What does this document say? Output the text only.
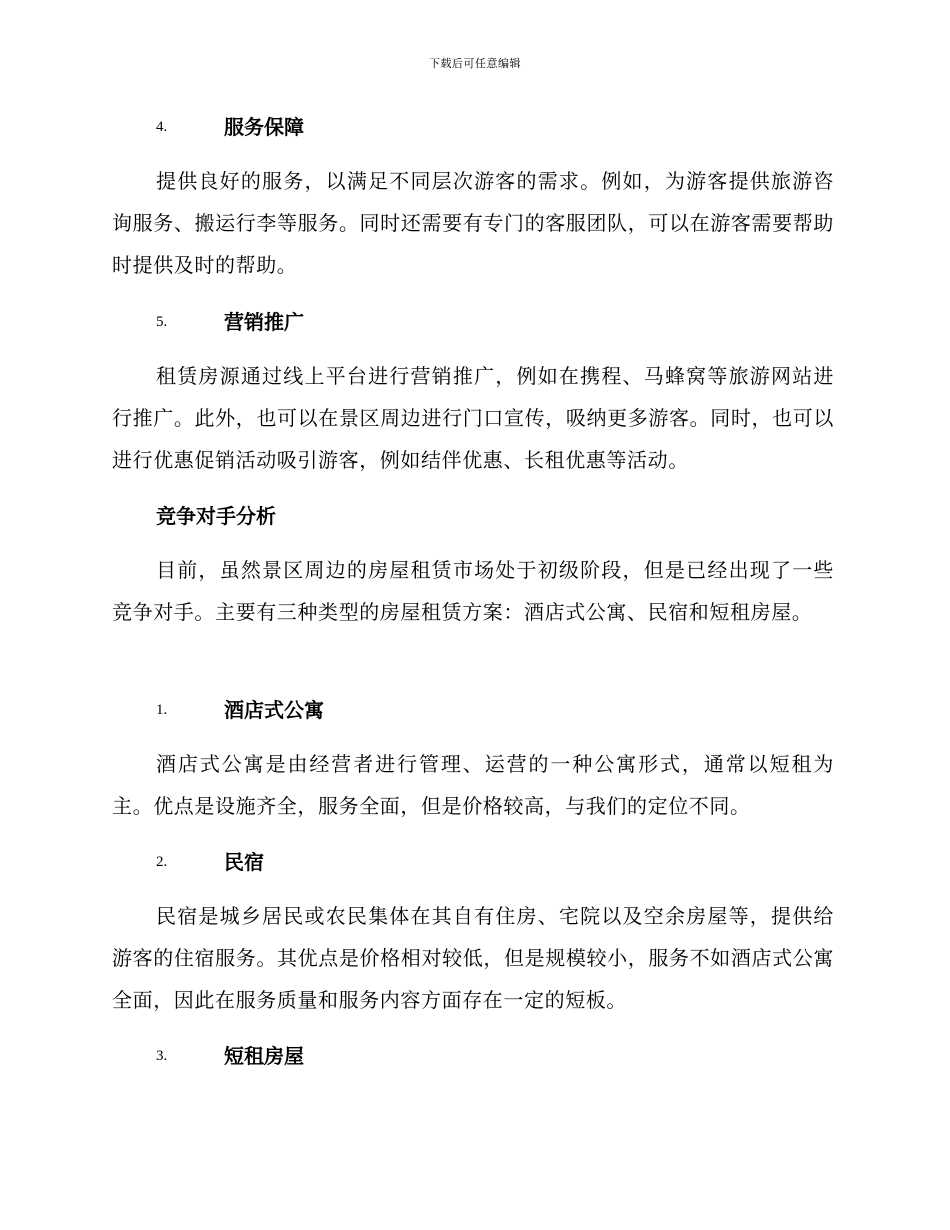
下载后可任意编辑
4.	服务保障
提供良好的服务，以满足不同层次游客的需求。例如，为游客提供旅游咨询服务、搬运行李等服务。同时还需要有专门的客服团队，可以在游客需要帮助时提供及时的帮助。
5.	营销推广
租赁房源通过线上平台进行营销推广，例如在携程、马蜂窝等旅游网站进行推广。此外，也可以在景区周边进行门口宣传，吸纳更多游客。同时，也可以进行优惠促销活动吸引游客，例如结伴优惠、长租优惠等活动。
竞争对手分析
目前，虽然景区周边的房屋租赁市场处于初级阶段，但是已经出现了一些竞争对手。主要有三种类型的房屋租赁方案：酒店式公寓、民宿和短租房屋。
1.	酒店式公寓
酒店式公寓是由经营者进行管理、运营的一种公寓形式，通常以短租为主。优点是设施齐全，服务全面，但是价格较高，与我们的定位不同。
2.	民宿
民宿是城乡居民或农民集体在其自有住房、宅院以及空余房屋等，提供给游客的住宿服务。其优点是价格相对较低，但是规模较小，服务不如酒店式公寓全面，因此在服务质量和服务内容方面存在一定的短板。
3.	短租房屋
